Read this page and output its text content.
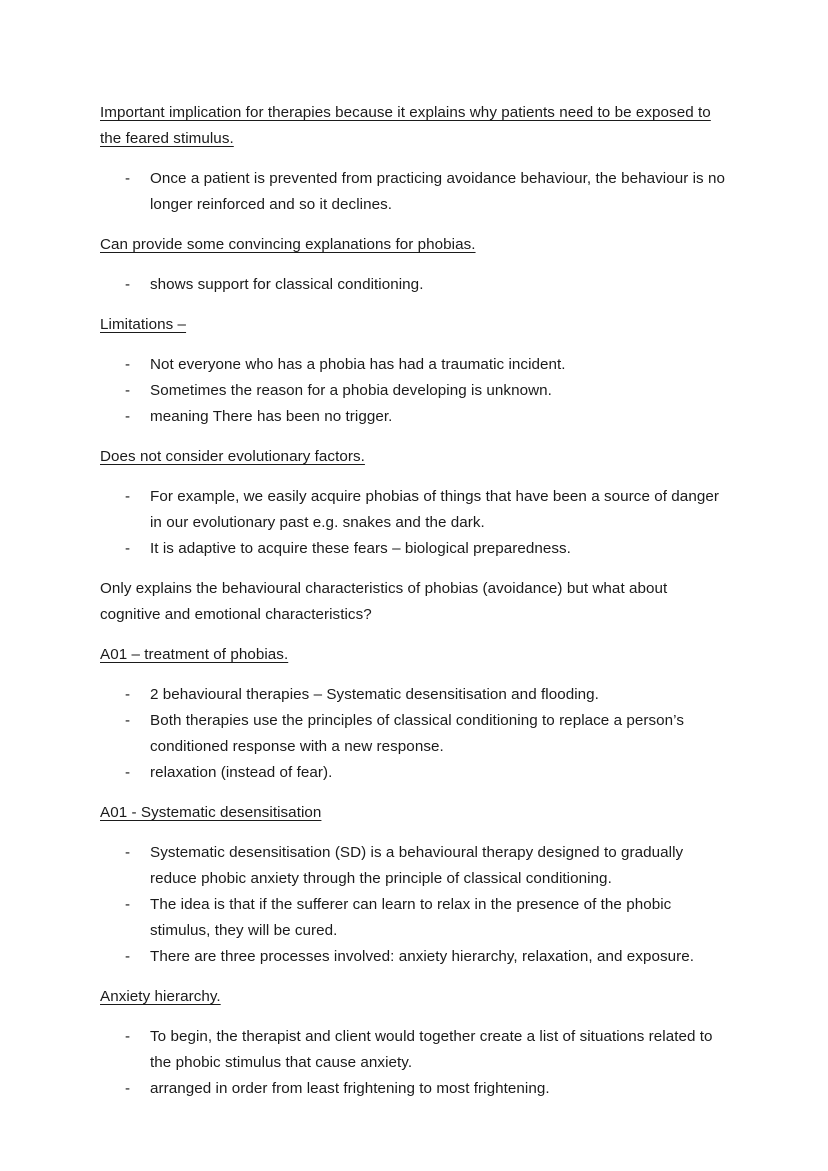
Important implication for therapies because it explains why patients need to be exposed to the feared stimulus.

-	Once a patient is prevented from practicing avoidance behaviour, the behaviour is no longer reinforced and so it declines.

Can provide some convincing explanations for phobias.

-	shows support for classical conditioning.

Limitations –

-	Not everyone who has a phobia has had a traumatic incident.
-	Sometimes the reason for a phobia developing is unknown.
-	meaning There has been no trigger.

Does not consider evolutionary factors.

-	For example, we easily acquire phobias of things that have been a source of danger in our evolutionary past e.g. snakes and the dark.
-	It is adaptive to acquire these fears – biological preparedness.

Only explains the behavioural characteristics of phobias (avoidance) but what about cognitive and emotional characteristics?

A01 – treatment of phobias.

-	2 behavioural therapies – Systematic desensitisation and flooding.
-	Both therapies use the principles of classical conditioning to replace a person’s conditioned response with a new response.
-	relaxation (instead of fear).

A01 - Systematic desensitisation

-	Systematic desensitisation (SD) is a behavioural therapy designed to gradually reduce phobic anxiety through the principle of classical conditioning.
-	The idea is that if the sufferer can learn to relax in the presence of the phobic stimulus, they will be cured.
-	There are three processes involved: anxiety hierarchy, relaxation, and exposure.

Anxiety hierarchy.

-	To begin, the therapist and client would together create a list of situations related to the phobic stimulus that cause anxiety.
-	arranged in order from least frightening to most frightening.
